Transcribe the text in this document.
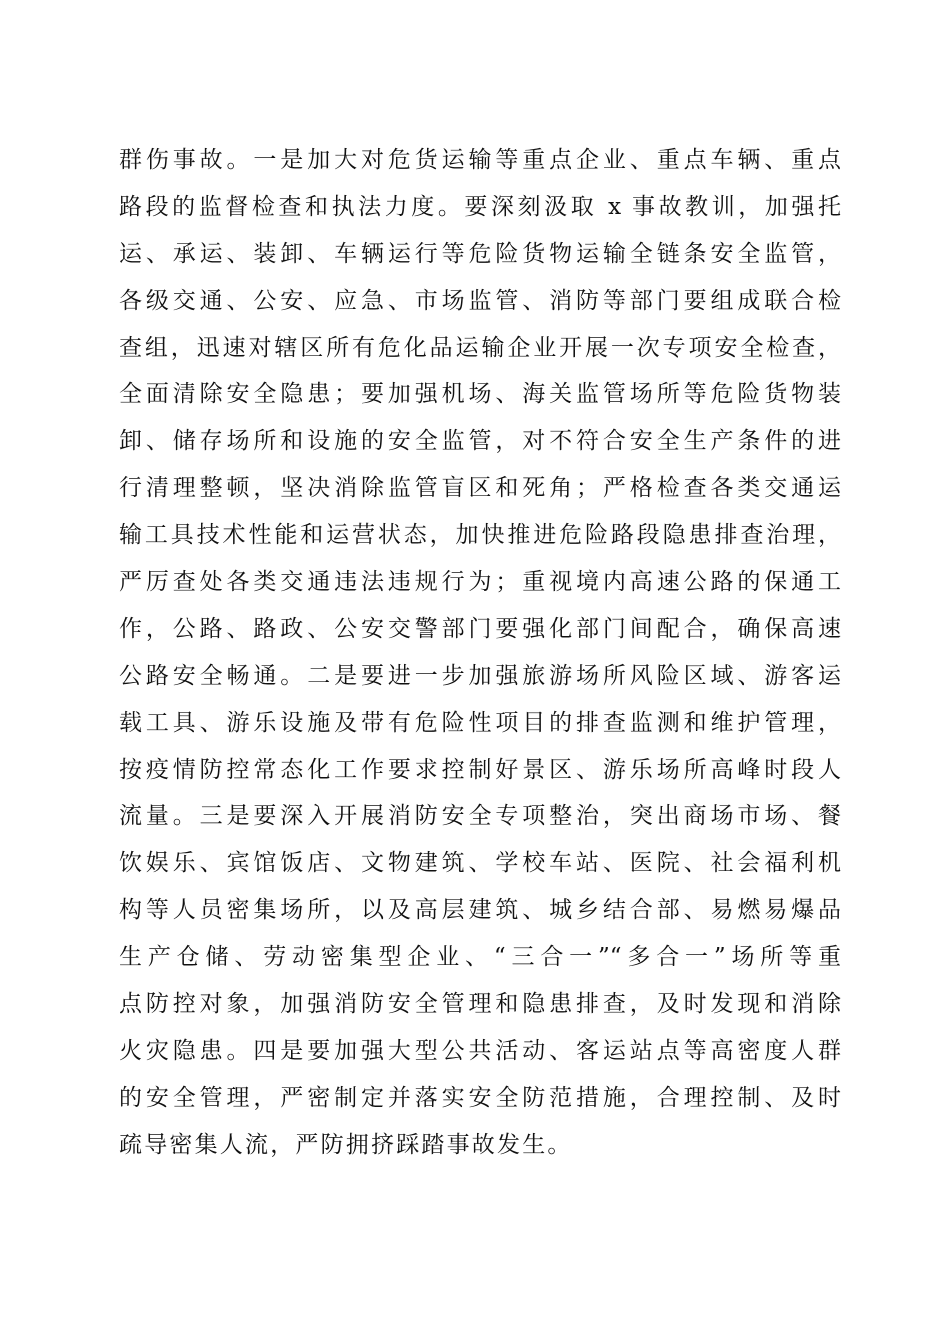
群伤事故。一是加大对危货运输等重点企业、重点车辆、重点
路段的监督检查和执法力度。要深刻汲取 x 事故教训，加强托
运、承运、装卸、车辆运行等危险货物运输全链条安全监管，
各级交通、公安、应急、市场监管、消防等部门要组成联合检
查组，迅速对辖区所有危化品运输企业开展一次专项安全检查，
全面清除安全隐患；要加强机场、海关监管场所等危险货物装
卸、储存场所和设施的安全监管，对不符合安全生产条件的进
行清理整顿，坚决消除监管盲区和死角；严格检查各类交通运
输工具技术性能和运营状态，加快推进危险路段隐患排查治理，
严厉查处各类交通违法违规行为；重视境内高速公路的保通工
作，公路、路政、公安交警部门要强化部门间配合，确保高速
公路安全畅通。二是要进一步加强旅游场所风险区域、游客运
载工具、游乐设施及带有危险性项目的排查监测和维护管理，
按疫情防控常态化工作要求控制好景区、游乐场所高峰时段人
流量。三是要深入开展消防安全专项整治，突出商场市场、餐
饮娱乐、宾馆饭店、文物建筑、学校车站、医院、社会福利机
构等人员密集场所，以及高层建筑、城乡结合部、易燃易爆品
生产仓储、劳动密集型企业、“三合一”“多合一”场所等重
点防控对象，加强消防安全管理和隐患排查，及时发现和消除
火灾隐患。四是要加强大型公共活动、客运站点等高密度人群
的安全管理，严密制定并落实安全防范措施，合理控制、及时
疏导密集人流，严防拥挤踩踏事故发生。
